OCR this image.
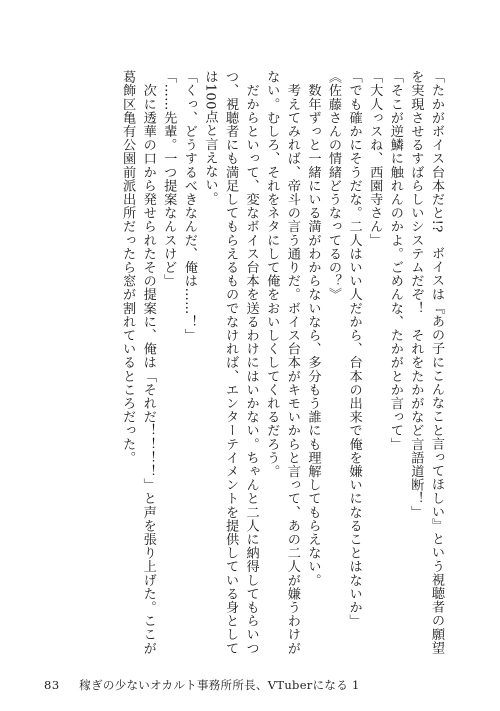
「たかがボイス台本だと!?　ボイスは『あの子にこんなこと言ってほしい』という視聴者の願望を実現させるすばらしいシステムだぞ！　それをたかがなど言語道断！」

「そこが逆鱗に触れんのかよ。ごめんな、たかがとか言って」

「大人っスね、西園寺さん」

「でも確かにそうだな。二人はいい人だから、台本の出来で俺を嫌いになることはないか」

《佐藤さんの情緒どうなってるの？》

　数年ずっと一緒にいる満がわからないなら、多分もう誰にも理解してもらえない。

　考えてみれば、帝斗の言う通りだ。ボイス台本がキモいからと言って、あの二人が嫌うわけがない。むしろ、それをネタにして俺をおいしくしてくれるだろう。

　だからといって、変なボイス台本を送るわけにはいかない。ちゃんと二人に納得してもらいつつ、視聴者にも満足してもらえるものでなければ、エンターテイメントを提供している身としては100点と言えない。

「くっ、どうするべきなんだ、俺は……！」

「……先輩。一つ提案なんスけど」

　次に透華の口から発せられたその提案に、俺は「それだ！！！！」と声を張り上げた。ここが葛飾区亀有公園前派出所だったら窓が割れているところだった。

83 稼ぎの少ないオカルト事務所所長、VTuberになる 1
